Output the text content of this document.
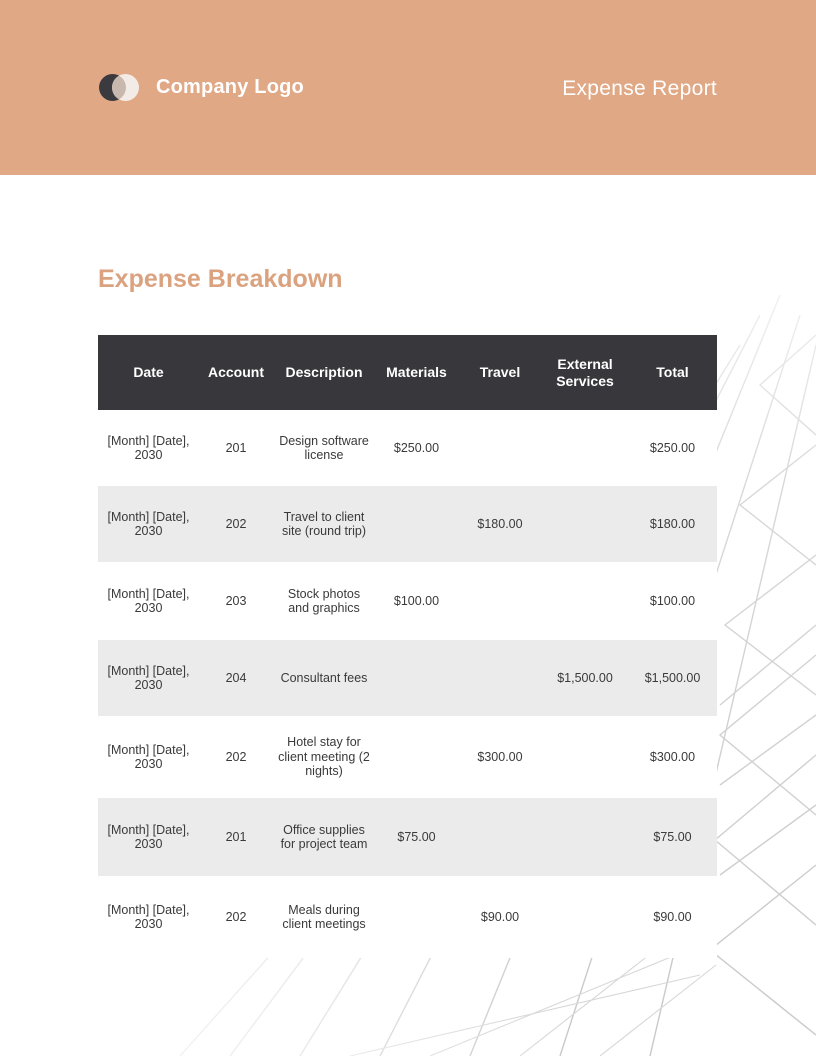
Company Logo	Expense Report
Expense Breakdown
Date	Account	Description	Materials	Travel	External Services	Total
[Month] [Date], 2030	201	Design software license	$250.00			$250.00
[Month] [Date], 2030	202	Travel to client site (round trip)		$180.00		$180.00
[Month] [Date], 2030	203	Stock photos and graphics	$100.00			$100.00
[Month] [Date], 2030	204	Consultant fees			$1,500.00	$1,500.00
[Month] [Date], 2030	202	Hotel stay for client meeting (2 nights)		$300.00		$300.00
[Month] [Date], 2030	201	Office supplies for project team	$75.00			$75.00
[Month] [Date], 2030	202	Meals during client meetings		$90.00		$90.00
